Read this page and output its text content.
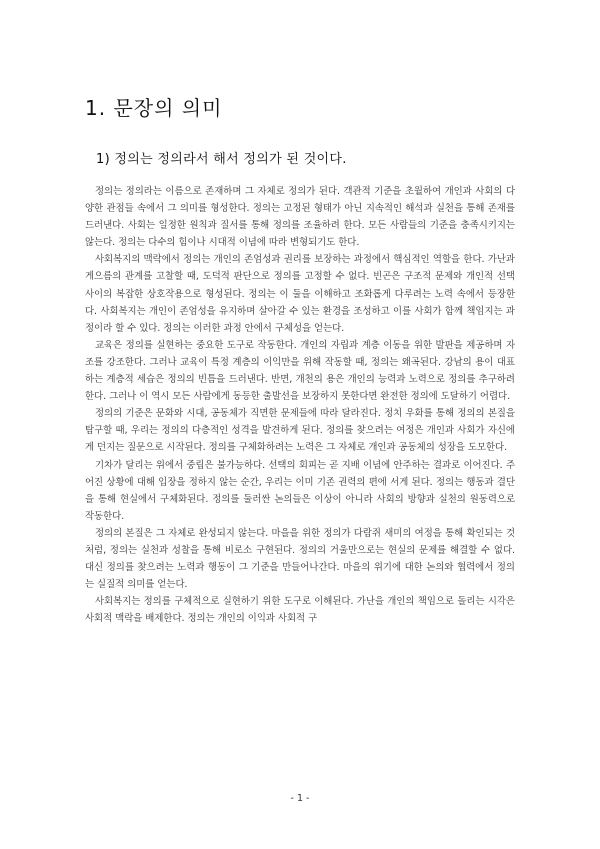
1. 문장의 의미
1) 정의는 정의라서 해서 정의가 된 것이다.

정의는 정의라는 이름으로 존재하며 그 자체로 정의가 된다. 객관적 기준을 초월하여 개인과 사회의 다양한 관점들 속에서 그 의미를 형성한다. 정의는 고정된 형태가 아닌 지속적인 해석과 실천을 통해 존재를 드러낸다. 사회는 일정한 원칙과 질서를 통해 정의를 조율하려 한다. 모든 사람들의 기준을 충족시키지는 않는다. 정의는 다수의 힘이나 시대적 이념에 따라 변형되기도 한다.

사회복지의 맥락에서 정의는 개인의 존엄성과 권리를 보장하는 과정에서 핵심적인 역할을 한다. 가난과 게으름의 관계를 고찰할 때, 도덕적 판단으로 정의를 고정할 수 없다. 빈곤은 구조적 문제와 개인적 선택 사이의 복잡한 상호작용으로 형성된다. 정의는 이 둘을 이해하고 조화롭게 다루려는 노력 속에서 등장한다. 사회복지는 개인이 존엄성을 유지하며 살아갈 수 있는 환경을 조성하고 이를 사회가 함께 책임지는 과정이라 할 수 있다. 정의는 이러한 과정 안에서 구체성을 얻는다.

교육은 정의를 실현하는 중요한 도구로 작동한다. 개인의 자립과 계층 이동을 위한 발판을 제공하며 자조를 강조한다. 그러나 교육이 특정 계층의 이익만을 위해 작동할 때, 정의는 왜곡된다. 강남의 용이 대표하는 계층적 세습은 정의의 빈틈을 드러낸다. 반면, 개천의 용은 개인의 능력과 노력으로 정의를 추구하려 한다. 그러나 이 역시 모든 사람에게 동등한 출발선을 보장하지 못한다면 완전한 정의에 도달하기 어렵다.

정의의 기준은 문화와 시대, 공동체가 직면한 문제들에 따라 달라진다. 정치 우화를 통해 정의의 본질을 탐구할 때, 우리는 정의의 다층적인 성격을 발견하게 된다. 정의를 찾으려는 여정은 개인과 사회가 자신에게 던지는 질문으로 시작된다. 정의를 구체화하려는 노력은 그 자체로 개인과 공동체의 성장을 도모한다.

기차가 달리는 위에서 중립은 불가능하다. 선택의 회피는 곧 지배 이념에 안주하는 결과로 이어진다. 주어진 상황에 대해 입장을 정하지 않는 순간, 우리는 이미 기존 권력의 편에 서게 된다. 정의는 행동과 결단을 통해 현실에서 구체화된다. 정의를 둘러싼 논의들은 이상이 아니라 사회의 방향과 실천의 원동력으로 작동한다.

정의의 본질은 그 자체로 완성되지 않는다. 마을을 위한 정의가 다람쥐 새미의 여정을 통해 확인되는 것처럼, 정의는 실천과 성찰을 통해 비로소 구현된다. 정의의 거울만으로는 현실의 문제를 해결할 수 없다. 대신 정의를 찾으려는 노력과 행동이 그 기준을 만들어나간다. 마을의 위기에 대한 논의와 협력에서 정의는 실질적 의미를 얻는다.

사회복지는 정의를 구체적으로 실현하기 위한 도구로 이해된다. 가난을 개인의 책임으로 돌리는 시각은 사회적 맥락을 배제한다. 정의는 개인의 이익과 사회적 구

- 1 -
